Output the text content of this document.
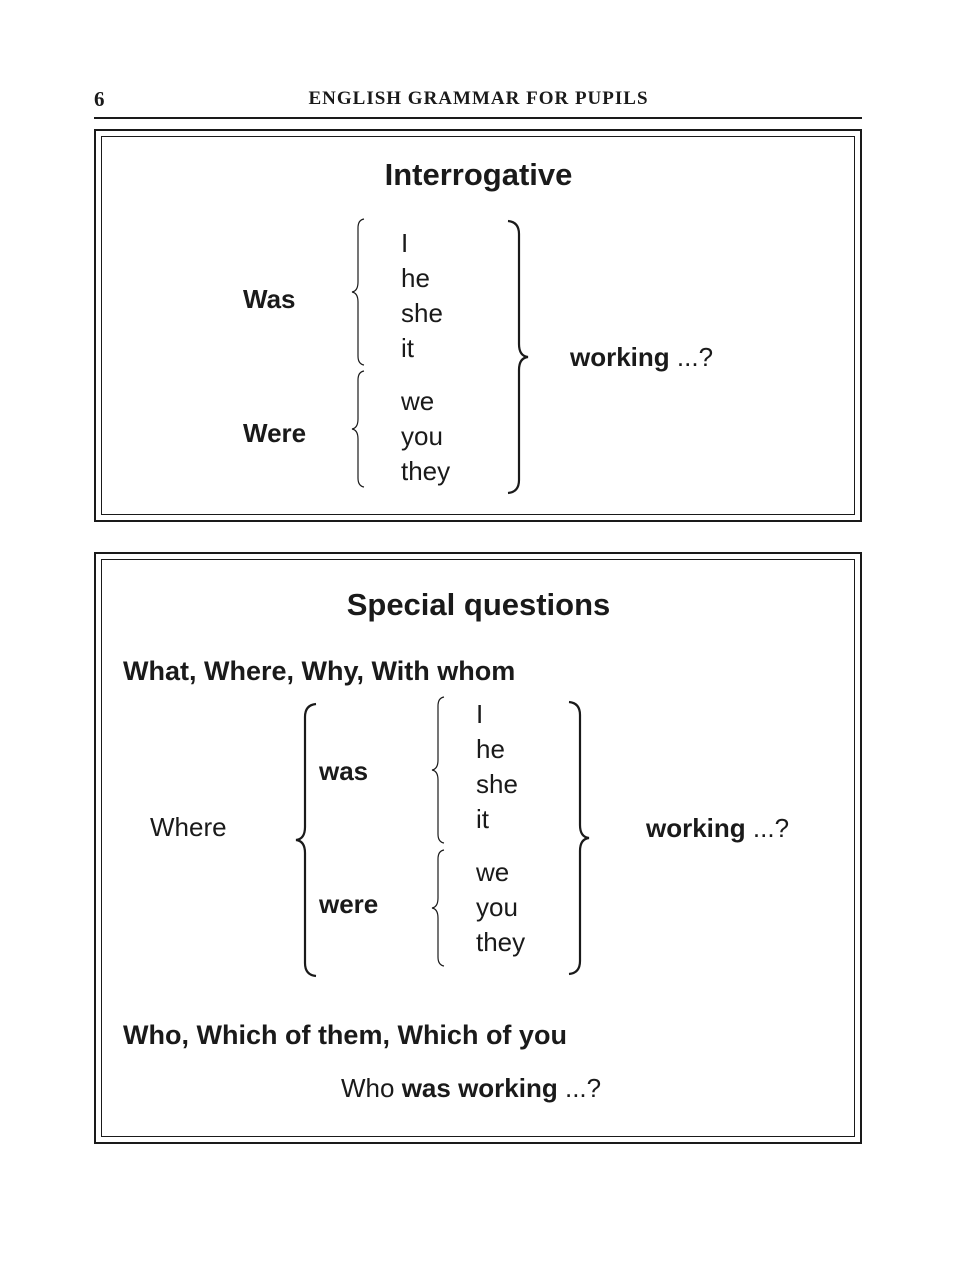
6	ENGLISH GRAMMAR FOR PUPILS
Interrogative
Was
Were
I
he
she
it
we
you
they
working ...?
Special questions
What, Where, Why, With whom
Where
was
were
I
he
she
it
we
you
they
working ...?
Who, Which of them, Which of you
Who was working ...?
